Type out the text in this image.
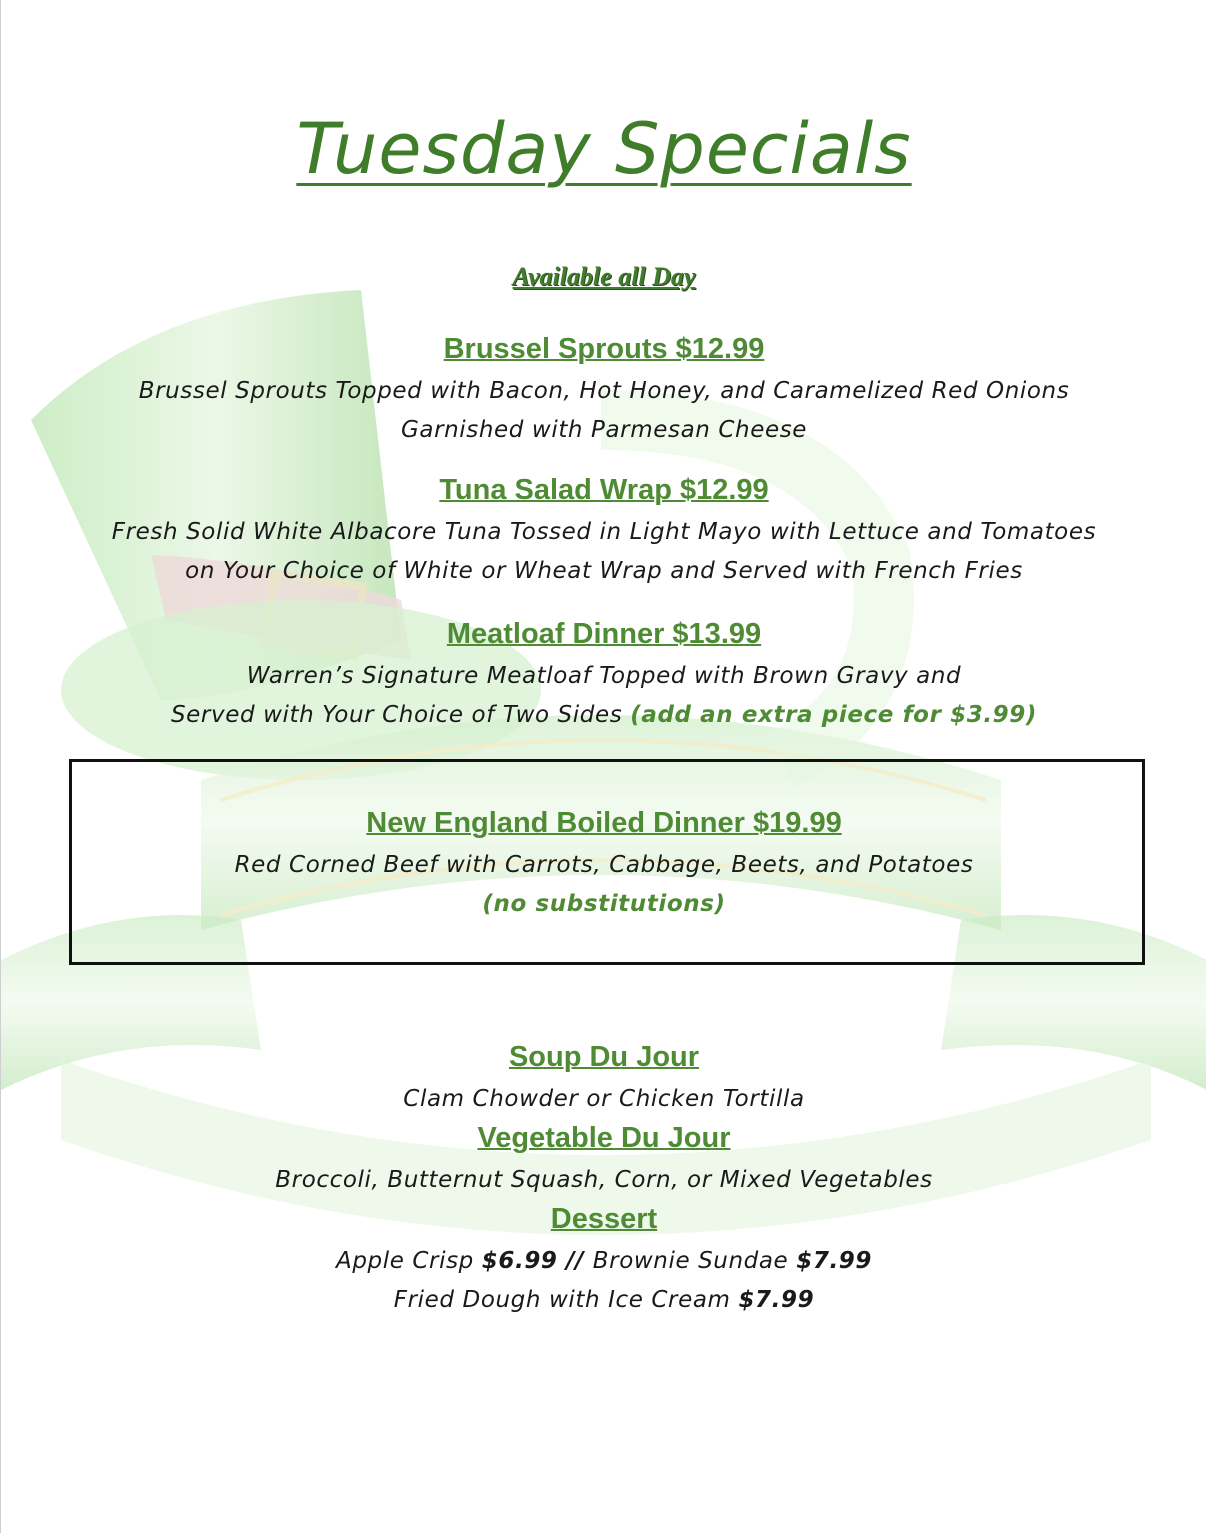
Tuesday Specials
Available all Day
Brussel Sprouts $12.99
Brussel Sprouts Topped with Bacon, Hot Honey, and Caramelized Red Onions
Garnished with Parmesan Cheese
Tuna Salad Wrap $12.99
Fresh Solid White Albacore Tuna Tossed in Light Mayo with Lettuce and Tomatoes
on Your Choice of White or Wheat Wrap and Served with French Fries
Meatloaf Dinner $13.99
Warren’s Signature Meatloaf Topped with Brown Gravy and
Served with Your Choice of Two Sides (add an extra piece for $3.99)
New England Boiled Dinner $19.99
Red Corned Beef with Carrots, Cabbage, Beets, and Potatoes
(no substitutions)
Soup Du Jour
Clam Chowder or Chicken Tortilla
Vegetable Du Jour
Broccoli, Butternut Squash, Corn, or Mixed Vegetables
Dessert
Apple Crisp $6.99 // Brownie Sundae $7.99
Fried Dough with Ice Cream $7.99
